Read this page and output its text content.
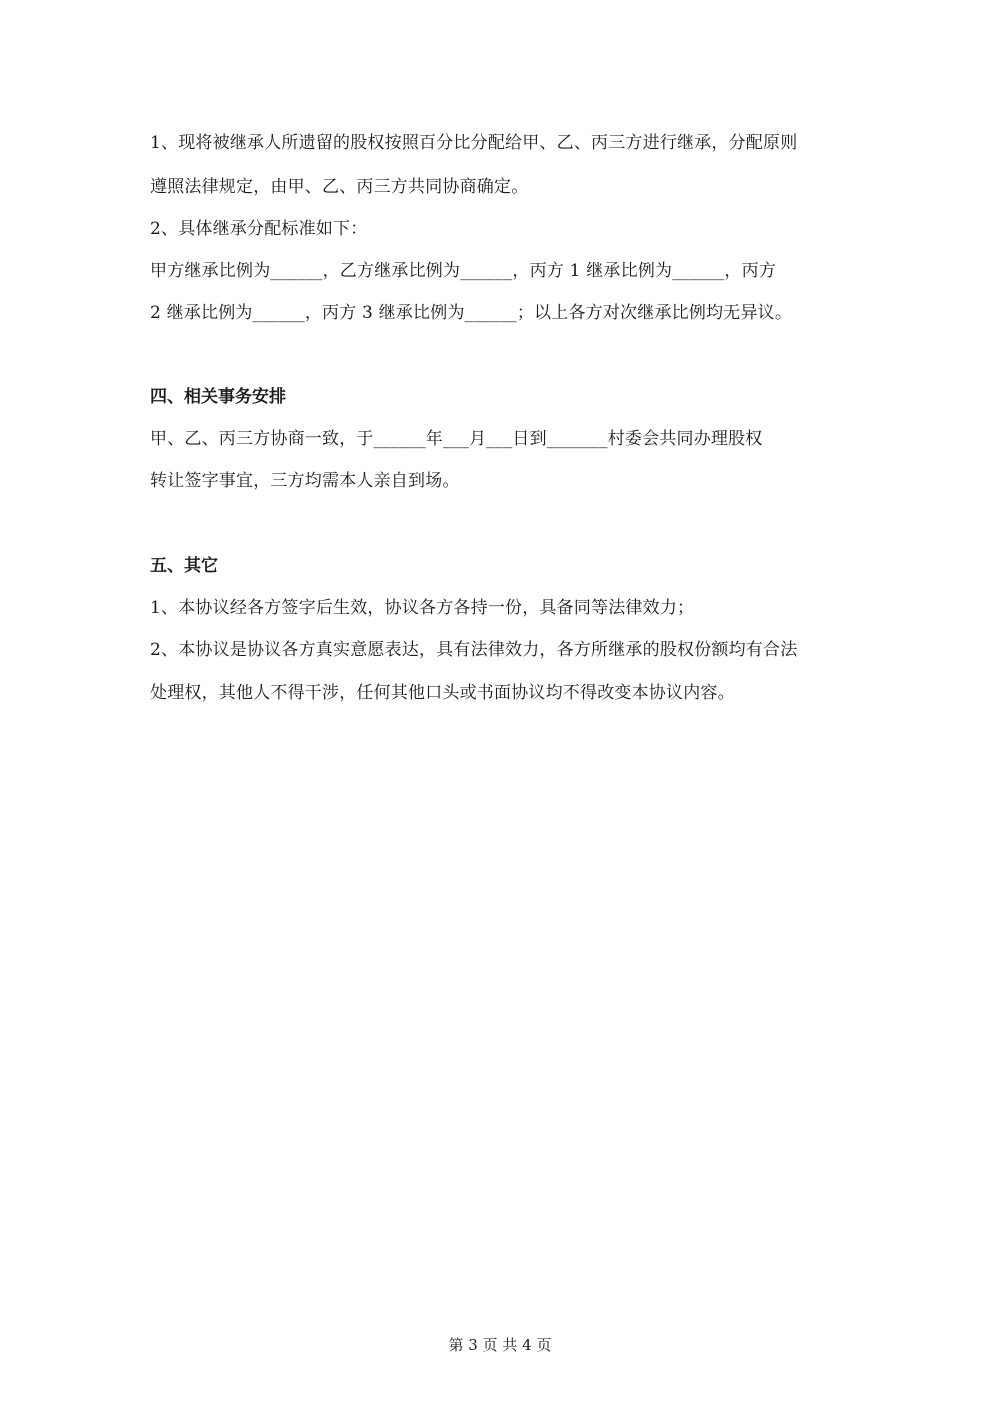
1、现将被继承人所遗留的股权按照百分比分配给甲、乙、丙三方进行继承，分配原则
遵照法律规定，由甲、乙、丙三方共同协商确定。
2、具体继承分配标准如下：
甲方继承比例为______，乙方继承比例为______，丙方 1 继承比例为______，丙方
2 继承比例为______，丙方 3 继承比例为______；以上各方对次继承比例均无异议。
四、相关事务安排
甲、乙、丙三方协商一致，于______年___月___日到_______村委会共同办理股权
转让签字事宜，三方均需本人亲自到场。
五、其它
1、本协议经各方签字后生效，协议各方各持一份，具备同等法律效力；
2、本协议是协议各方真实意愿表达，具有法律效力，各方所继承的股权份额均有合法
处理权，其他人不得干涉，任何其他口头或书面协议均不得改变本协议内容。
第 3 页 共 4 页
